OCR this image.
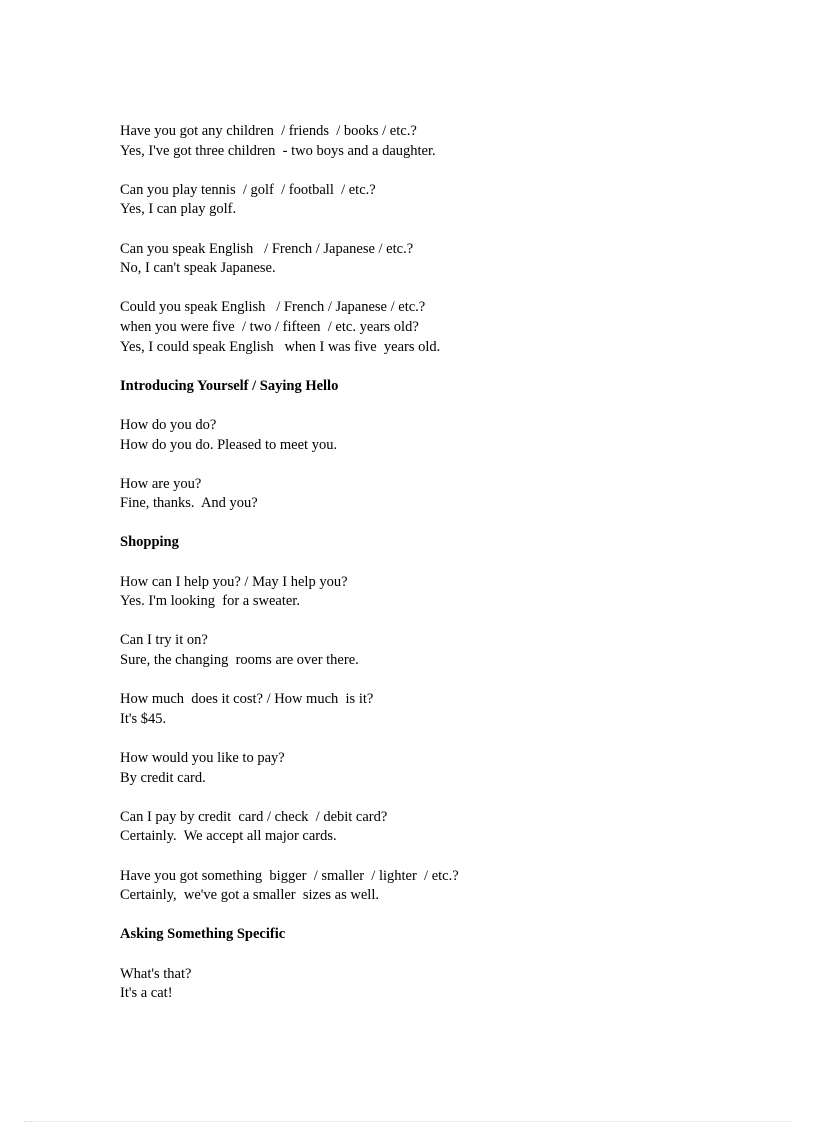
Have you got any children  / friends  / books / etc.?

Yes, I've got three children  - two boys and a daughter.

Can you play tennis  / golf  / football  / etc.?

Yes, I can play golf.

Can you speak English   / French / Japanese / etc.?

No, I can't speak Japanese.

Could you speak English   / French / Japanese / etc.?

when you were five  / two / fifteen  / etc. years old?

Yes, I could speak English   when I was five  years old.

Introducing Yourself / Saying Hello

How do you do?

How do you do. Pleased to meet you.

How are you?

Fine, thanks.  And you?

Shopping

How can I help you? / May I help you?

Yes. I'm looking  for a sweater.

Can I try it on?

Sure, the changing  rooms are over there.

How much  does it cost? / How much  is it?

It's $45.

How would you like to pay?

By credit card.

Can I pay by credit  card / check  / debit card?

Certainly.  We accept all major cards.

Have you got something  bigger  / smaller  / lighter  / etc.?

Certainly,  we've got a smaller  sizes as well.

Asking Something Specific

What's that?

It's a cat!
